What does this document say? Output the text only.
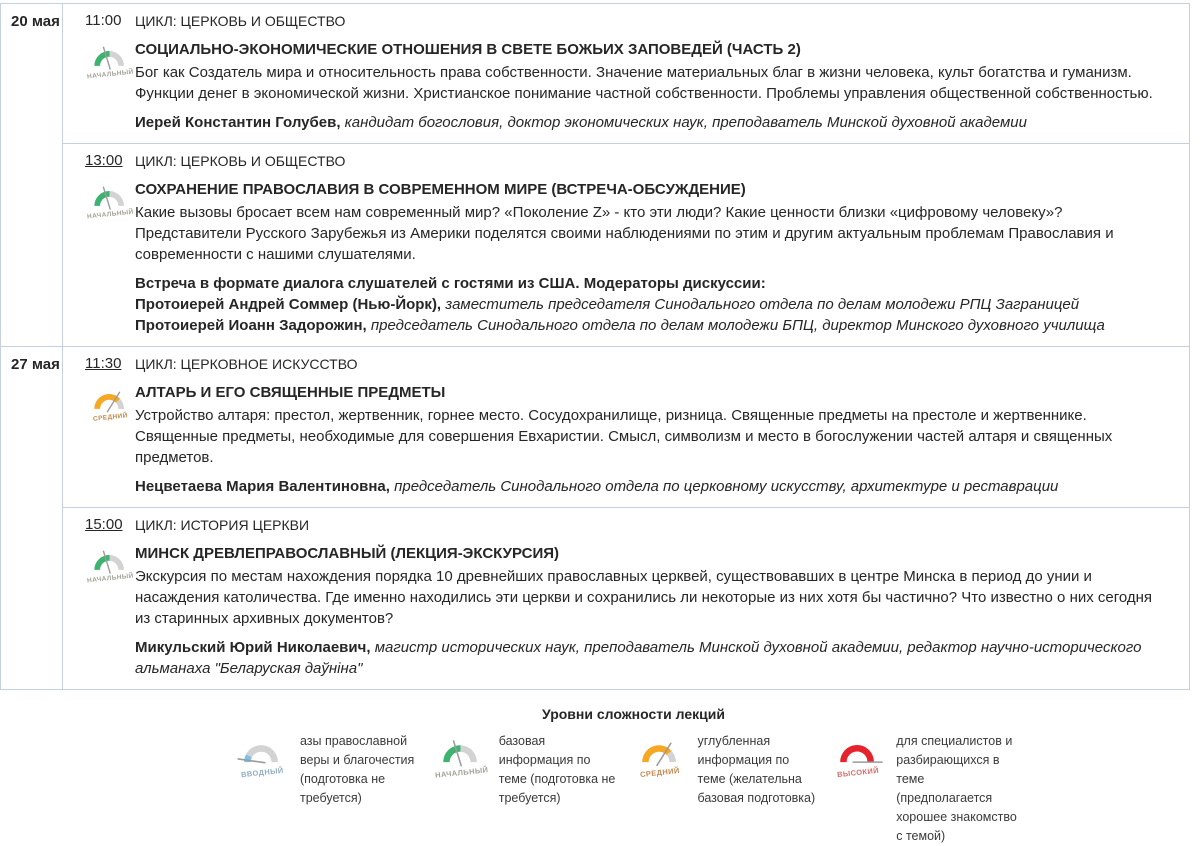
20 мая 11:00
НАЧАЛЬНЫЙ
ЦИКЛ: ЦЕРКОВЬ И ОБЩЕСТВО
СОЦИАЛЬНО-ЭКОНОМИЧЕСКИЕ ОТНОШЕНИЯ В СВЕТЕ БОЖЬИХ ЗАПОВЕДЕЙ (ЧАСТЬ 2)
Бог как Создатель мира и относительность права собственности. Значение материальных благ в жизни человека, культ богатства и гуманизм. Функции денег в экономической жизни. Христианское понимание частной собственности. Проблемы управления общественной собственностью.
Иерей Константин Голубев, кандидат богословия, доктор экономических наук, преподаватель Минской духовной академии
13:00
НАЧАЛЬНЫЙ
ЦИКЛ: ЦЕРКОВЬ И ОБЩЕСТВО
СОХРАНЕНИЕ ПРАВОСЛАВИЯ В СОВРЕМЕННОМ МИРЕ (ВСТРЕЧА-ОБСУЖДЕНИЕ)
Какие вызовы бросает всем нам современный мир? «Поколение Z» - кто эти люди? Какие ценности близки «цифровому человеку»? Представители Русского Зарубежья из Америки поделятся своими наблюдениями по этим и другим актуальным проблемам Православия и современности с нашими слушателями.
Встреча в формате диалога слушателей с гостями из США. Модераторы дискуссии:
Протоиерей Андрей Соммер (Нью-Йорк), заместитель председателя Синодального отдела по делам молодежи РПЦ Заграницей
Протоиерей Иоанн Задорожин, председатель Синодального отдела по делам молодежи БПЦ, директор Минского духовного училища
27 мая 11:30
СРЕДНИЙ
ЦИКЛ: ЦЕРКОВНОЕ ИСКУССТВО
АЛТАРЬ И ЕГО СВЯЩЕННЫЕ ПРЕДМЕТЫ
Устройство алтаря: престол, жертвенник, горнее место. Сосудохранилище, ризница. Священные предметы на престоле и жертвеннике. Священные предметы, необходимые для совершения Евхаристии. Смысл, символизм и место в богослужении частей алтаря и священных предметов.
Нецветаева Мария Валентиновна, председатель Синодального отдела по церковному искусству, архитектуре и реставрации
15:00
НАЧАЛЬНЫЙ
ЦИКЛ: ИСТОРИЯ ЦЕРКВИ
МИНСК ДРЕВЛЕПРАВОСЛАВНЫЙ (ЛЕКЦИЯ-ЭКСКУРСИЯ)
Экскурсия по местам нахождения порядка 10 древнейших православных церквей, существовавших в центре Минска в период до унии и насаждения католичества. Где именно находились эти церкви и сохранились ли некоторые из них хотя бы частично? Что известно о них сегодня из старинных архивных документов?
Микульский Юрий Николаевич, магистр исторических наук, преподаватель Минской духовной академии, редактор научно-исторического альманаха "Беларуская даўніна"
Уровни сложности лекций
ВВОДНЫЙ
азы православной веры и благочестия (подготовка не требуется)
НАЧАЛЬНЫЙ
базовая информация по теме (подготовка не требуется)
СРЕДНИЙ
углубленная информация по теме (желательна базовая подготовка)
ВЫСОКИЙ
для специалистов и разбирающихся в теме (предполагается хорошее знакомство с темой)
